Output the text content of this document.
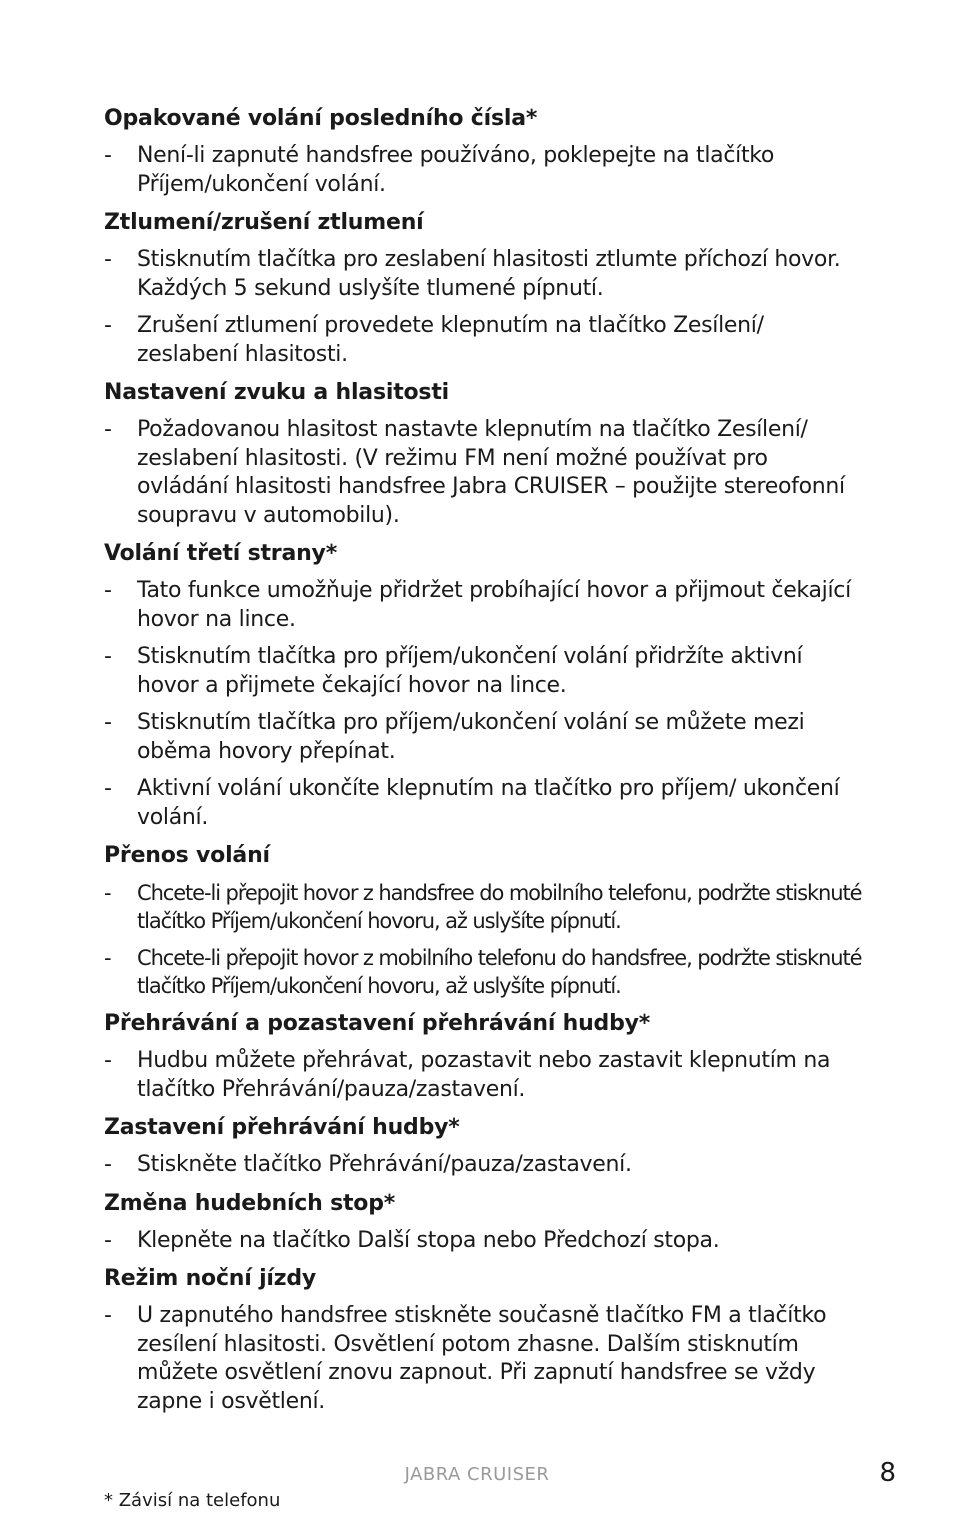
Opakované volání posledního čísla*
- Není-li zapnuté handsfree používáno, poklepejte na tlačítko Příjem/ukončení volání.
Ztlumení/zrušení ztlumení
- Stisknutím tlačítka pro zeslabení hlasitosti ztlumte příchozí hovor. Každých 5 sekund uslyšíte tlumené pípnutí.
- Zrušení ztlumení provedete klepnutím na tlačítko Zesílení/ zeslabení hlasitosti.
Nastavení zvuku a hlasitosti
- Požadovanou hlasitost nastavte klepnutím na tlačítko Zesílení/ zeslabení hlasitosti. (V režimu FM není možné používat pro ovládání hlasitosti handsfree Jabra CRUISER – použijte stereofonní soupravu v automobilu).
Volání třetí strany*
- Tato funkce umožňuje přidržet probíhající hovor a přijmout čekající hovor na lince.
- Stisknutím tlačítka pro příjem/ukončení volání přidržíte aktivní hovor a přijmete čekající hovor na lince.
- Stisknutím tlačítka pro příjem/ukončení volání se můžete mezi oběma hovory přepínat.
- Aktivní volání ukončíte klepnutím na tlačítko pro příjem/ ukončení volání.
Přenos volání
- Chcete-li přepojit hovor z handsfree do mobilního telefonu, podržte stisknuté tlačítko Příjem/ukončení hovoru, až uslyšíte pípnutí.
- Chcete-li přepojit hovor z mobilního telefonu do handsfree, podržte stisknuté tlačítko Příjem/ukončení hovoru, až uslyšíte pípnutí.
Přehrávání a pozastavení přehrávání hudby*
- Hudbu můžete přehrávat, pozastavit nebo zastavit klepnutím na tlačítko Přehrávání/pauza/zastavení.
Zastavení přehrávání hudby*
- Stiskněte tlačítko Přehrávání/pauza/zastavení.
Změna hudebních stop*
- Klepněte na tlačítko Další stopa nebo Předchozí stopa.
Režim noční jízdy
- U zapnutého handsfree stiskněte současně tlačítko FM a tlačítko zesílení hlasitosti. Osvětlení potom zhasne. Dalším stisknutím můžete osvětlení znovu zapnout. Při zapnutí handsfree se vždy zapne i osvětlení.
JABRA CRUISER	8
* Závisí na telefonu
